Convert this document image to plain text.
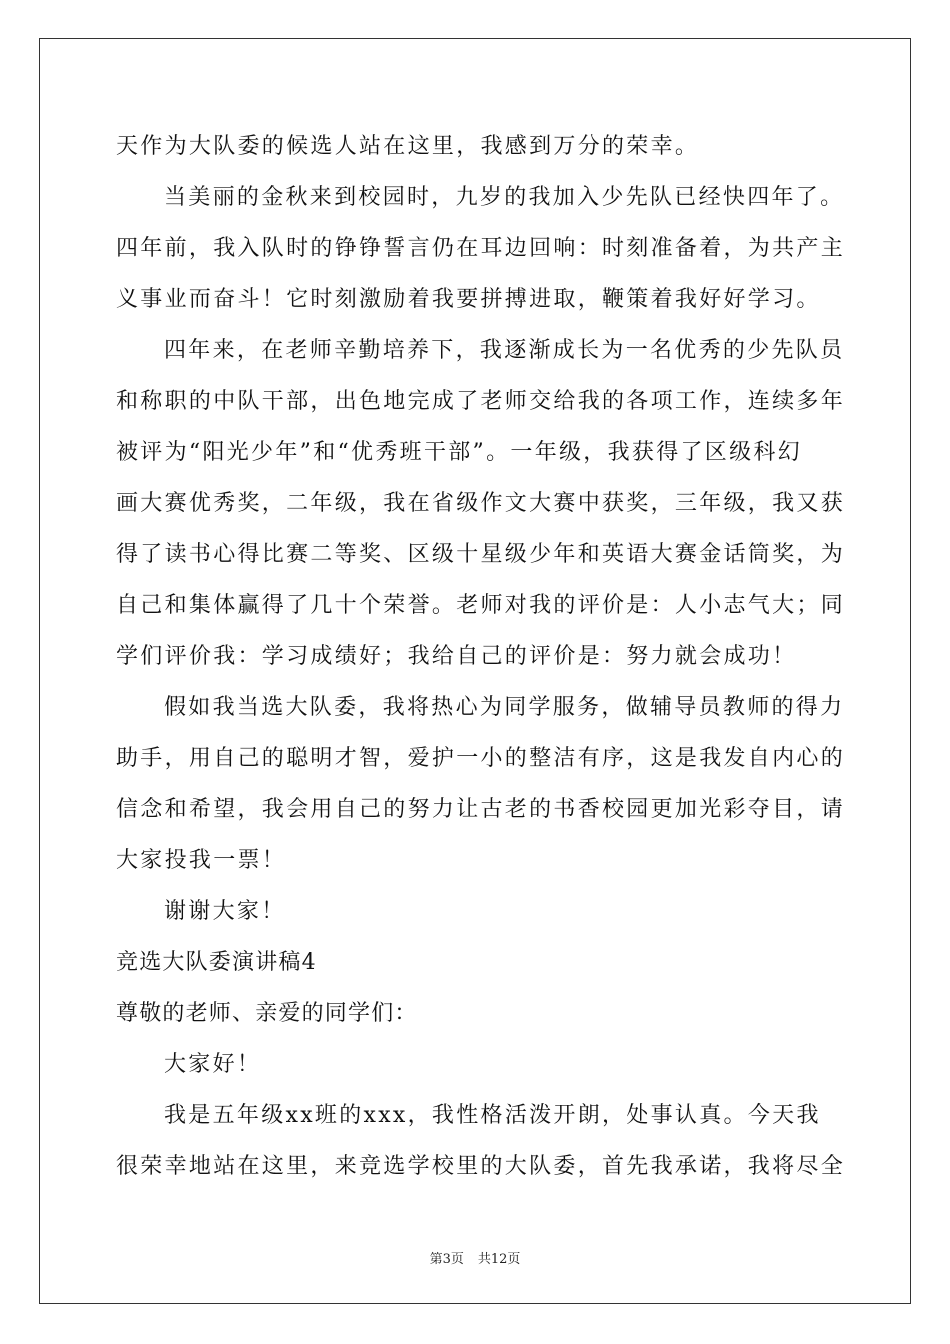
天作为大队委的候选人站在这里，我感到万分的荣幸。
当美丽的金秋来到校园时，九岁的我加入少先队已经快四年了。
四年前，我入队时的铮铮誓言仍在耳边回响：时刻准备着，为共产主
义事业而奋斗！它时刻激励着我要拼搏进取，鞭策着我好好学习。
四年来，在老师辛勤培养下，我逐渐成长为一名优秀的少先队员
和称职的中队干部，出色地完成了老师交给我的各项工作，连续多年
被评为“阳光少年”和“优秀班干部”。一年级，我获得了区级科幻
画大赛优秀奖，二年级，我在省级作文大赛中获奖，三年级，我又获
得了读书心得比赛二等奖、区级十星级少年和英语大赛金话筒奖，为
自己和集体赢得了几十个荣誉。老师对我的评价是：人小志气大；同
学们评价我：学习成绩好；我给自己的评价是：努力就会成功！
假如我当选大队委，我将热心为同学服务，做辅导员教师的得力
助手，用自己的聪明才智，爱护一小的整洁有序，这是我发自内心的
信念和希望，我会用自己的努力让古老的书香校园更加光彩夺目，请
大家投我一票！
谢谢大家！
竞选大队委演讲稿4
尊敬的老师、亲爱的同学们：
大家好！
我是五年级xx班的xxx，我性格活泼开朗，处事认真。今天我
很荣幸地站在这里，来竞选学校里的大队委，首先我承诺，我将尽全
第3页 共12页
